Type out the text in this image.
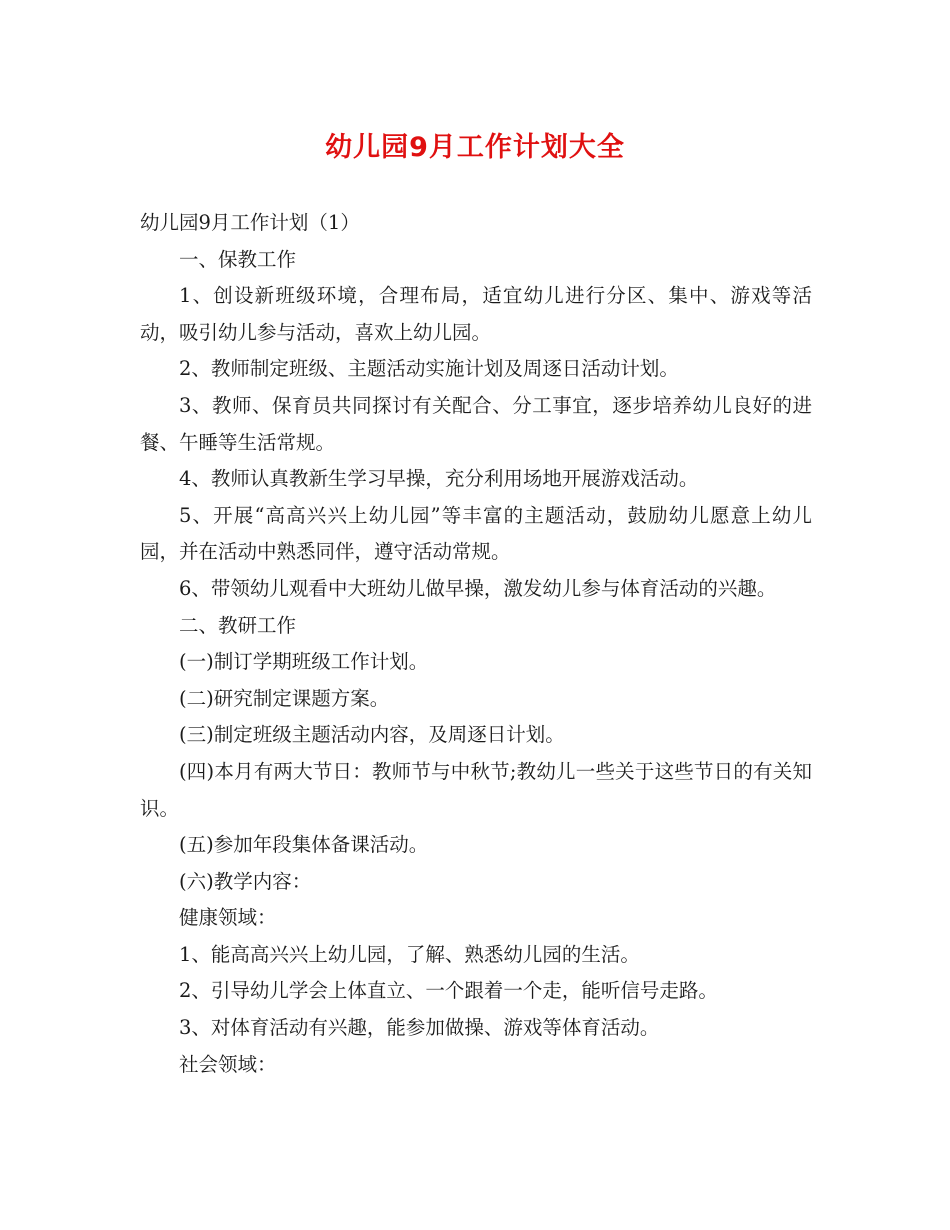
幼儿园9月工作计划大全

幼儿园9月工作计划（1）

一、保教工作

1、创设新班级环境，合理布局，适宜幼儿进行分区、集中、游戏等活动，吸引幼儿参与活动，喜欢上幼儿园。

2、教师制定班级、主题活动实施计划及周逐日活动计划。

3、教师、保育员共同探讨有关配合、分工事宜，逐步培养幼儿良好的进餐、午睡等生活常规。

4、教师认真教新生学习早操，充分利用场地开展游戏活动。

5、开展“高高兴兴上幼儿园”等丰富的主题活动，鼓励幼儿愿意上幼儿园，并在活动中熟悉同伴，遵守活动常规。

6、带领幼儿观看中大班幼儿做早操，激发幼儿参与体育活动的兴趣。

二、教研工作

(一)制订学期班级工作计划。

(二)研究制定课题方案。

(三)制定班级主题活动内容，及周逐日计划。

(四)本月有两大节日：教师节与中秋节;教幼儿一些关于这些节日的有关知识。

(五)参加年段集体备课活动。

(六)教学内容：

健康领域：

1、能高高兴兴上幼儿园，了解、熟悉幼儿园的生活。

2、引导幼儿学会上体直立、一个跟着一个走，能听信号走路。

3、对体育活动有兴趣，能参加做操、游戏等体育活动。

社会领域：
